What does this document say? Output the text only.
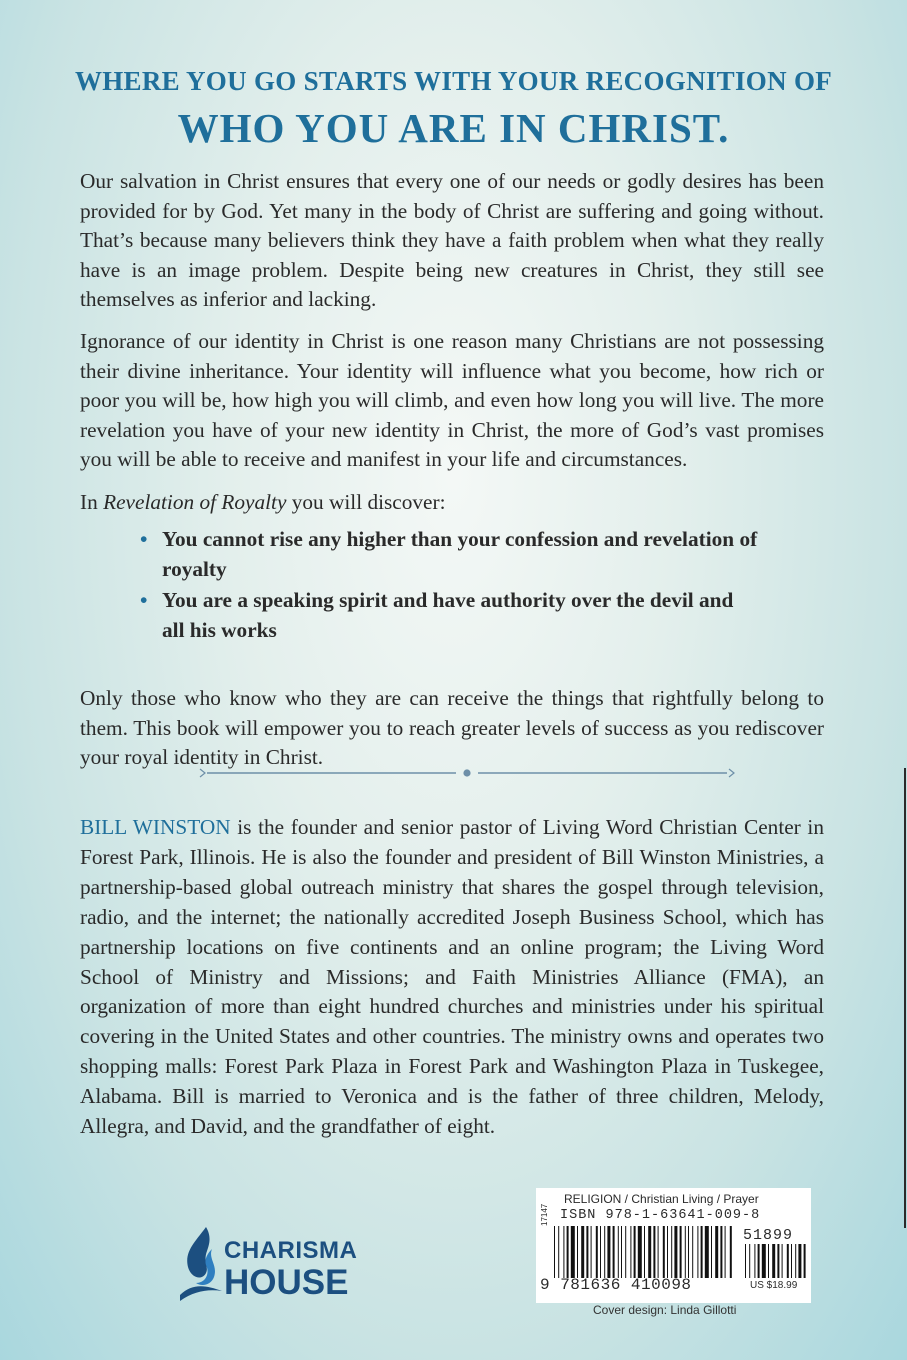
WHERE YOU GO STARTS WITH YOUR RECOGNITION OF
WHO YOU ARE IN CHRIST.

Our salvation in Christ ensures that every one of our needs or godly desires has been provided for by God. Yet many in the body of Christ are suffering and going without. That’s because many believers think they have a faith problem when what they really have is an image problem. Despite being new creatures in Christ, they still see themselves as inferior and lacking.

Ignorance of our identity in Christ is one reason many Christians are not possessing their divine inheritance. Your identity will influence what you become, how rich or poor you will be, how high you will climb, and even how long you will live. The more revelation you have of your new identity in Christ, the more of God’s vast promises you will be able to receive and manifest in your life and circumstances.

In Revelation of Royalty you will discover:

• You cannot rise any higher than your confession and revelation of royalty
• You are a speaking spirit and have authority over the devil and all his works

Only those who know who they are can receive the things that rightfully belong to them. This book will empower you to reach greater levels of success as you rediscover your royal identity in Christ.

BILL WINSTON is the founder and senior pastor of Living Word Christian Center in Forest Park, Illinois. He is also the founder and president of Bill Winston Ministries, a partnership-based global outreach ministry that shares the gospel through television, radio, and the internet; the nationally accredited Joseph Business School, which has partnership locations on five continents and an online program; the Living Word School of Ministry and Missions; and Faith Ministries Alliance (FMA), an organization of more than eight hundred churches and ministries under his spiritual covering in the United States and other countries. The ministry owns and operates two shopping malls: Forest Park Plaza in Forest Park and Washington Plaza in Tuskegee, Alabama. Bill is married to Veronica and is the father of three children, Melody, Allegra, and David, and the grandfather of eight.

CHARISMA
HOUSE
17147
RELIGION / Christian Living / Prayer
ISBN 978-1-63641-009-8
51899
9 781636 410098	US $18.99
Cover design: Linda Gillotti
